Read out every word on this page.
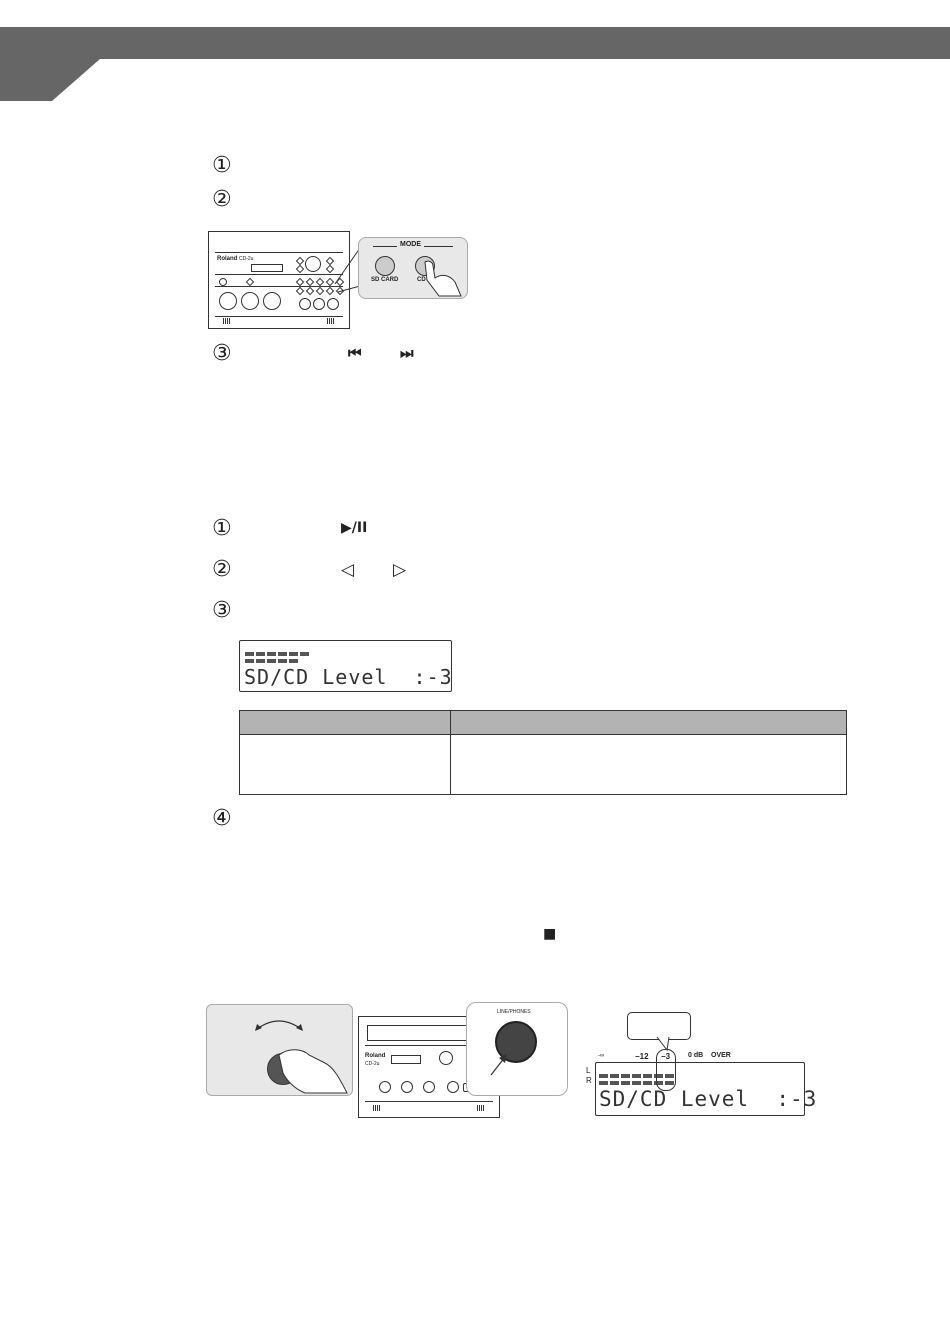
①
②
Roland CD-2u
MODE
SD CARD	CD
③	⏮	⏭
①	▶/II
②	◁ ▷
③

SD/CD Level  :-3

④
■
Roland
CD-2u
LINE/PHONES
-∞	−12 −3	0 dB OVER

SD/CD Level  :-3
L
R
